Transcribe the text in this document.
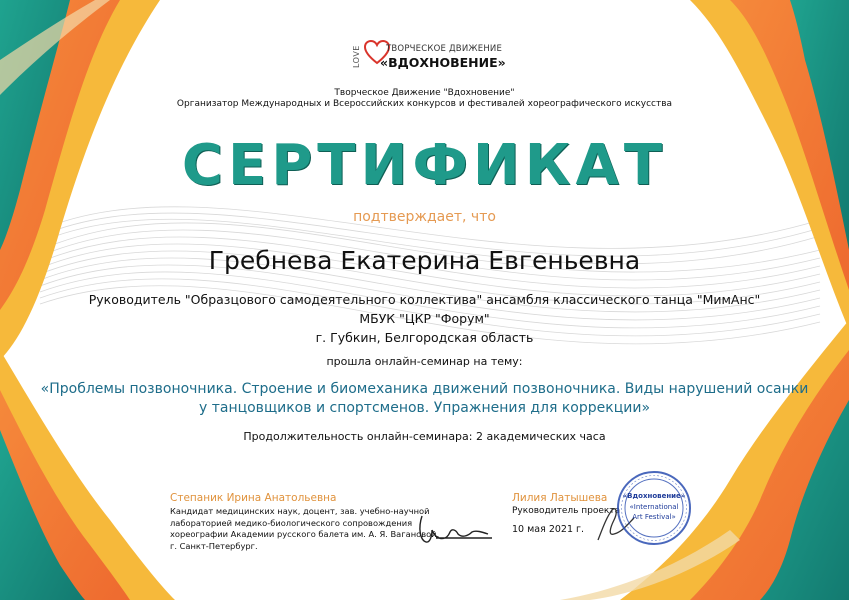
LOVE	ТВОРЧЕСКОЕ ДВИЖЕНИЕ
«ВДОХНОВЕНИЕ»
Творческое Движение "Вдохновение"
Организатор Международных и Всероссийских конкурсов и фестивалей хореографического искусства
СЕРТИФИКАТ
подтверждает, что
Гребнева Екатерина Евгеньевна
Руководитель "Образцового самодеятельного коллектива" ансамбля классического танца "МимАнс"
МБУК "ЦКР "Форум"
г. Губкин, Белгородская область
прошла онлайн-семинар на тему:
«Проблемы позвоночника. Строение и биомеханика движений позвоночника. Виды нарушений осанки
у танцовщиков и спортсменов. Упражнения для коррекции»
Продолжительность онлайн-семинара: 2 академических часа
Степаник Ирина Анатольевна
Кандидат медицинских наук, доцент, зав. учебно-научной
лабораторией медико-биологического сопровождения
хореографии Академии русского балета им. А. Я. Вагановой,
г. Санкт-Петербург.
Лилия Латышева
Руководитель проекта
10 мая 2021 г.
«Вдохновение»
«International
Art Festival»
